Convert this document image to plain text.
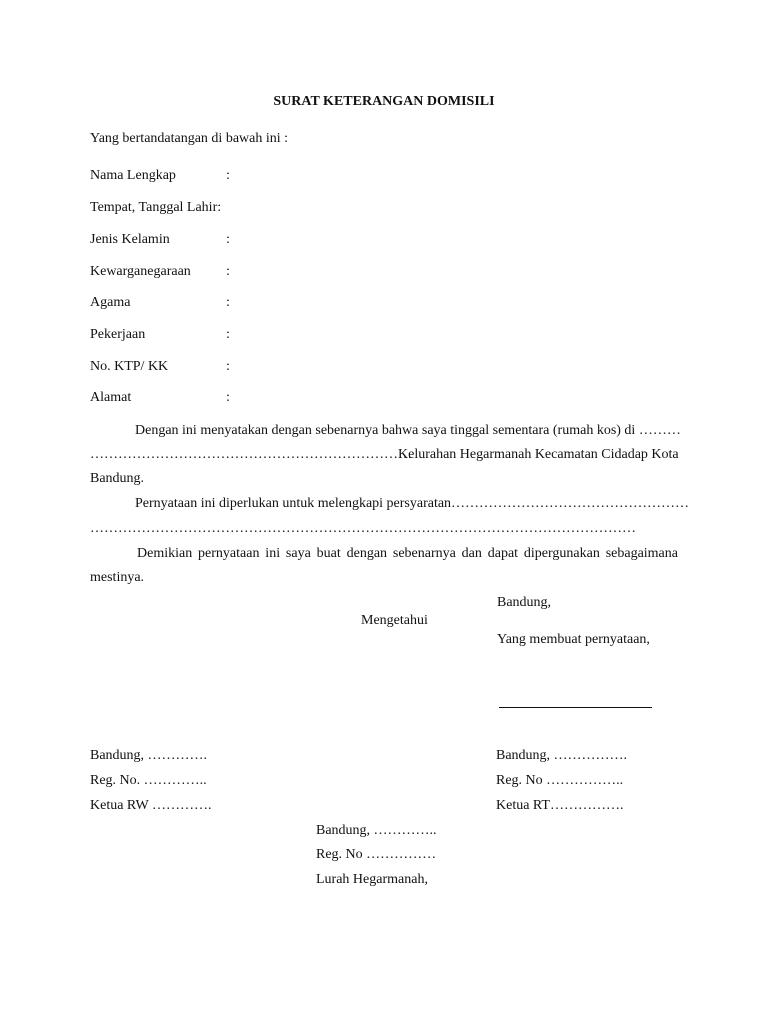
SURAT KETERANGAN DOMISILI
Yang bertandatangan di bawah ini :
Nama Lengkap	:
Tempat, Tanggal Lahir:
Jenis Kelamin	:
Kewarganegaraan	:
Agama	:
Pekerjaan	:
No. KTP/ KK	:
Alamat	:
Dengan ini menyatakan dengan sebenarnya bahwa saya tinggal sementara (rumah kos) di ………
……………………………………………………………
Kelurahan Hegarmanah Kecamatan Cidadap Kota
Bandung.
Pernyataan ini diperlukan untuk melengkapi persyaratan ……………………………………………
………………………………………………………………………………………………………
Demikian pernyataan ini saya buat dengan sebenarnya dan dapat dipergunakan sebagaimana
mestinya.
Bandung,
Mengetahui
Yang membuat pernyataan,
Bandung, ………….
Reg. No. …………..
Ketua RW ………….
Bandung, …………….
Reg. No ……………..
Ketua RT…………….
Bandung, …………..
Reg. No ……………
Lurah Hegarmanah,
